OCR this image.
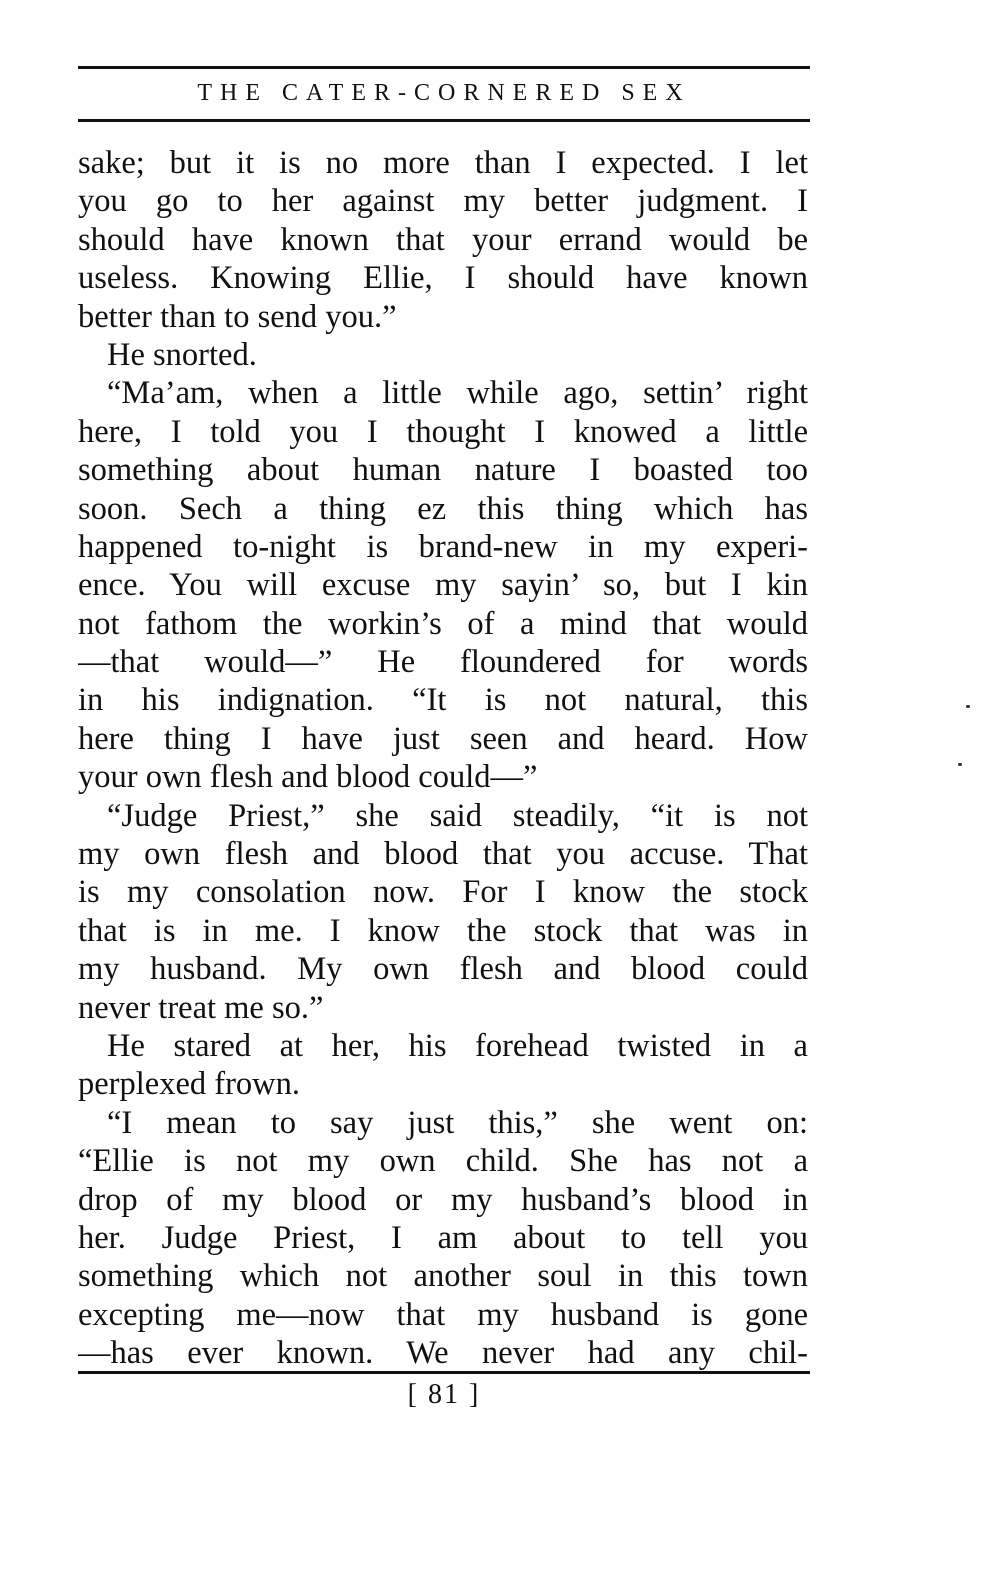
THE CATER-CORNERED SEX
sake; but it is no more than I expected. I let
you go to her against my better judgment. I
should have known that your errand would be
useless. Knowing Ellie, I should have known
better than to send you.”
He snorted.
“Ma’am, when a little while ago, settin’ right
here, I told you I thought I knowed a little
something about human nature I boasted too
soon. Sech a thing ez this thing which has
happened to-night is brand-new in my experi-
ence. You will excuse my sayin’ so, but I kin
not fathom the workin’s of a mind that would
—that would—” He floundered for words
in his indignation. “It is not natural, this
here thing I have just seen and heard. How
your own flesh and blood could—”
“Judge Priest,” she said steadily, “it is not
my own flesh and blood that you accuse. That
is my consolation now. For I know the stock
that is in me. I know the stock that was in
my husband. My own flesh and blood could
never treat me so.”
He stared at her, his forehead twisted in a
perplexed frown.
“I mean to say just this,” she went on:
“Ellie is not my own child. She has not a
drop of my blood or my husband’s blood in
her. Judge Priest, I am about to tell you
something which not another soul in this town
excepting me—now that my husband is gone
—has ever known. We never had any chil-
[ 81 ]
